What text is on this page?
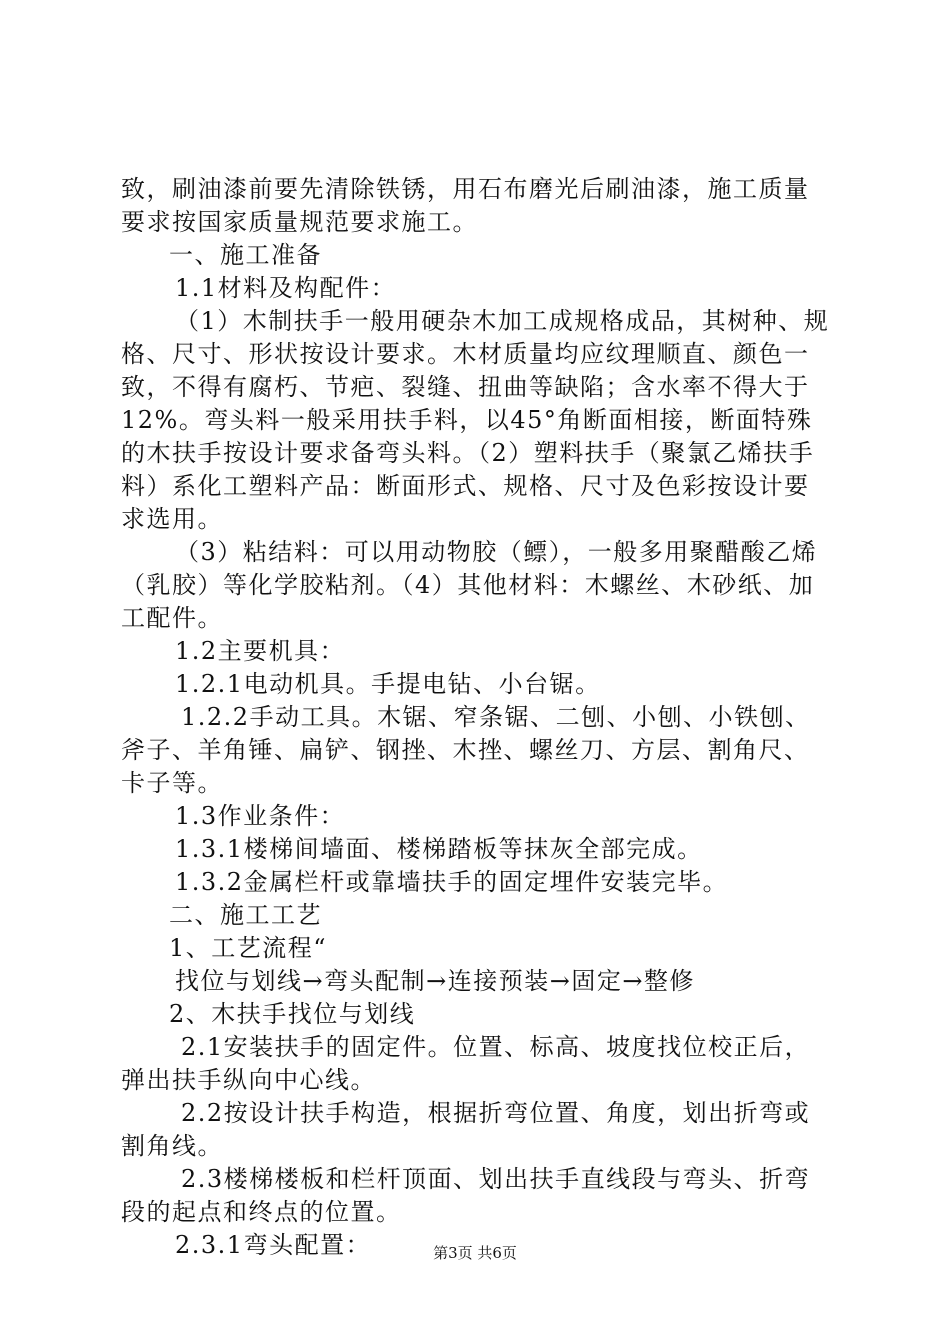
致，刷油漆前要先清除铁锈，用石布磨光后刷油漆，施工质量
要求按国家质量规范要求施工。
一、施工准备
1.1材料及构配件：
（1）木制扶手一般用硬杂木加工成规格成品，其树种、规
格、尺寸、形状按设计要求。木材质量均应纹理顺直、颜色一
致，不得有腐朽、节疤、裂缝、扭曲等缺陷；含水率不得大于
12%。弯头料一般采用扶手料，以45°角断面相接，断面特殊
的木扶手按设计要求备弯头料。（2）塑料扶手（聚氯乙烯扶手
料）系化工塑料产品：断面形式、规格、尺寸及色彩按设计要
求选用。
（3）粘结料：可以用动物胶（鳔），一般多用聚醋酸乙烯
（乳胶）等化学胶粘剂。（4）其他材料：木螺丝、木砂纸、加
工配件。
1.2主要机具：
1.2.1电动机具。手提电钻、小台锯。
1.2.2手动工具。木锯、窄条锯、二刨、小刨、小铁刨、
斧子、羊角锤、扁铲、钢挫、木挫、螺丝刀、方层、割角尺、
卡子等。
1.3作业条件：
1.3.1楼梯间墙面、楼梯踏板等抹灰全部完成。
1.3.2金属栏杆或靠墙扶手的固定埋件安装完毕。
二、施工工艺
1、工艺流程“
找位与划线→弯头配制→连接预装→固定→整修
2、木扶手找位与划线
2.1安装扶手的固定件。位置、标高、坡度找位校正后，
弹出扶手纵向中心线。
2.2按设计扶手构造，根据折弯位置、角度，划出折弯或
割角线。
2.3楼梯楼板和栏杆顶面、划出扶手直线段与弯头、折弯
段的起点和终点的位置。
2.3.1弯头配置：	第3页 共6页
